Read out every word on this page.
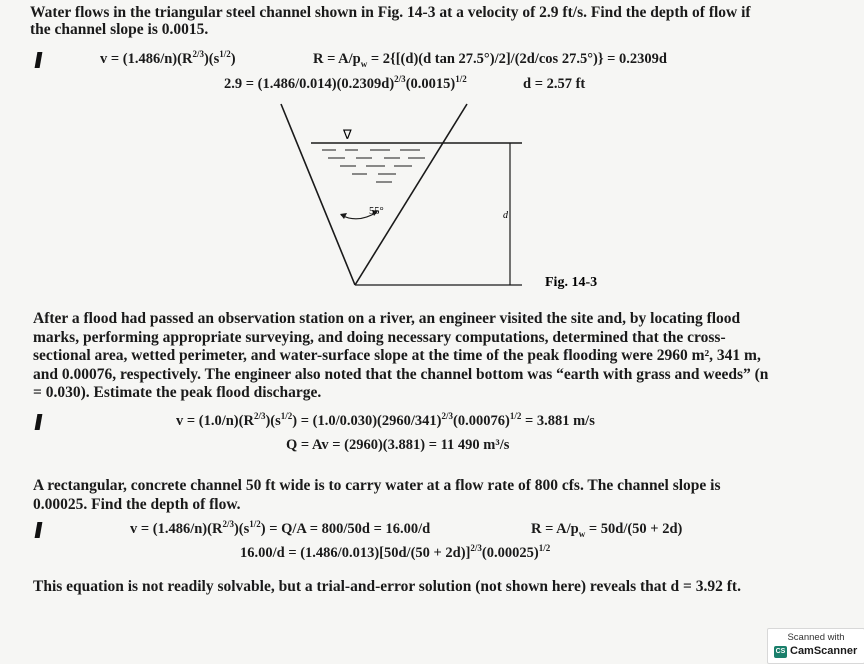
Water flows in the triangular steel channel shown in Fig. 14-3 at a velocity of 2.9 ft/s. Find the depth of flow if

the channel slope is 0.0015.

$v = (1.486/n)(R^{2/3})(s^{1/2})$	$R = A/p_w = 2\{[(d)(d$ tan 27.5°)/2]/(2d/cos 27.5°)} = 0.2309d
$2.9 = (1.486/0.014)(0.2309d)^{2/3}(0.0015)^{1/2}$	d = 2.57 ft
∇
55°	d
Fig. 14-3

After a flood had passed an observation station on a river, an engineer visited the site and, by locating flood marks, performing appropriate surveying, and doing necessary computations, determined that the cross-sectional area, wetted perimeter, and water-surface slope at the time of the peak flooding were 2960 m², 341 m, and 0.00076, respectively. The engineer also noted that the channel bottom was “earth with grass and weeds” (n = 0.030). Estimate the peak flood discharge.

$v = (1.0/n)(R^{2/3})(s^{1/2}) = (1.0/0.030)(2960/341)^{2/3}(0.00076)^{1/2} = 3.881$ m/s
Q = Av = (2960)(3.881) = 11 490 m³/s

A rectangular, concrete channel 50 ft wide is to carry water at a flow rate of 800 cfs. The channel slope is 0.00025. Find the depth of flow.

$v = (1.486/n)(R^{2/3})(s^{1/2}) = Q/A = 800/50d = 16.00/d$	$R = A/p_w = 50d/(50 + 2d)$
$16.00/d = (1.486/0.013)[50d/(50 + 2d)]^{2/3}(0.00025)^{1/2}$

This equation is not readily solvable, but a trial-and-error solution (not shown here) reveals that d = 3.92 ft.

Scanned with
CS CamScanner
